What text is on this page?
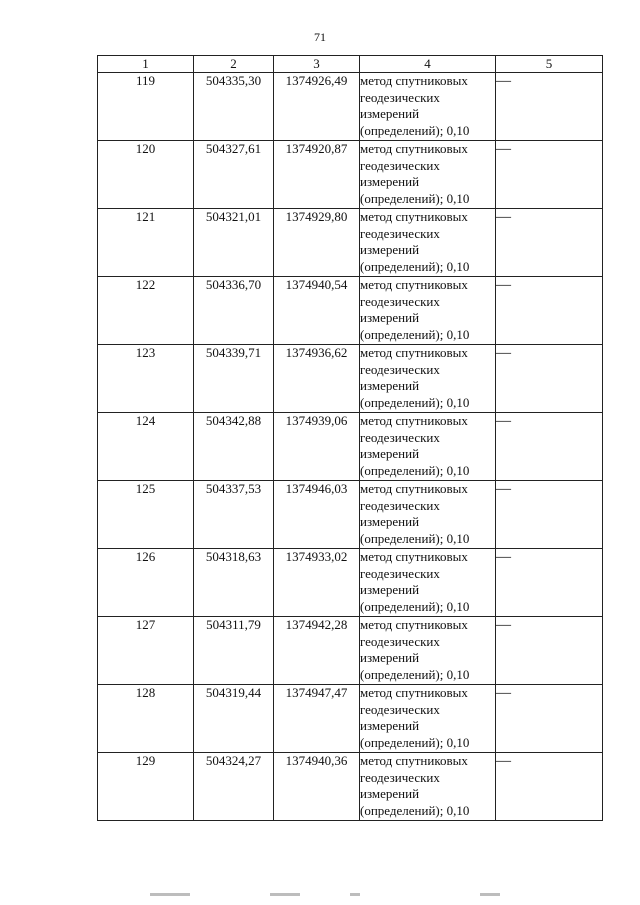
71
1	2	3	4	5
119	504335,30	1374926,49	метод спутниковых геодезических измерений (определений); 0,10	—
120	504327,61	1374920,87	метод спутниковых геодезических измерений (определений); 0,10	—
121	504321,01	1374929,80	метод спутниковых геодезических измерений (определений); 0,10	—
122	504336,70	1374940,54	метод спутниковых геодезических измерений (определений); 0,10	—
123	504339,71	1374936,62	метод спутниковых геодезических измерений (определений); 0,10	—
124	504342,88	1374939,06	метод спутниковых геодезических измерений (определений); 0,10	—
125	504337,53	1374946,03	метод спутниковых геодезических измерений (определений); 0,10	—
126	504318,63	1374933,02	метод спутниковых геодезических измерений (определений); 0,10	—
127	504311,79	1374942,28	метод спутниковых геодезических измерений (определений); 0,10	—
128	504319,44	1374947,47	метод спутниковых геодезических измерений (определений); 0,10	—
129	504324,27	1374940,36	метод спутниковых геодезических измерений (определений); 0,10	—
